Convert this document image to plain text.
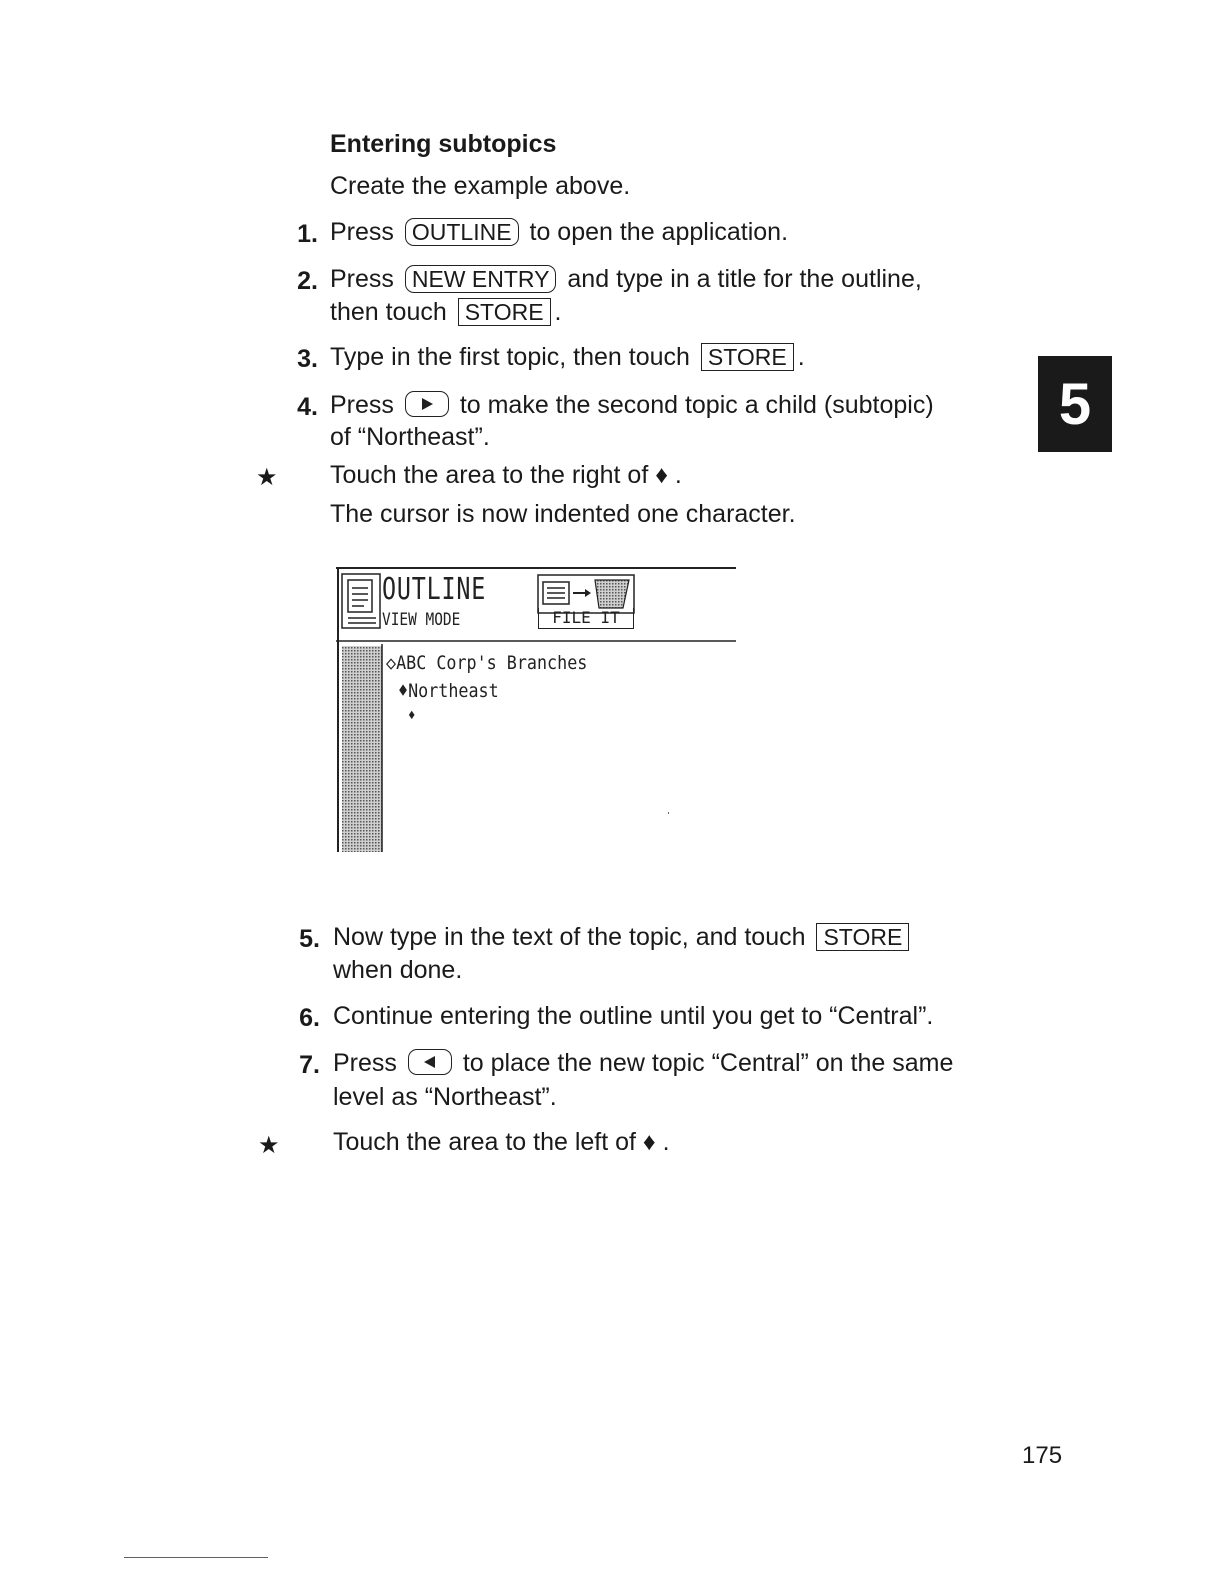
Entering subtopics
Create the example above.
1. Press OUTLINE to open the application.
2. Press NEW ENTRY and type in a title for the outline,
then touch STORE .
3. Type in the first topic, then touch STORE .
4. Press	to make the second topic a child (subtopic)
of “Northeast”.
★ Touch the area to the right of ♦ .
The cursor is now indented one character.
5
OUTLINE
VIEW MODE	FILE IT
◇ABC Corp's Branches
♦Northeast
♦
5. Now type in the text of the topic, and touch STORE
when done.
6. Continue entering the outline until you get to “Central”.
7. Press	to place the new topic “Central” on the same
level as “Northeast”.
★ Touch the area to the left of ♦ .
175
